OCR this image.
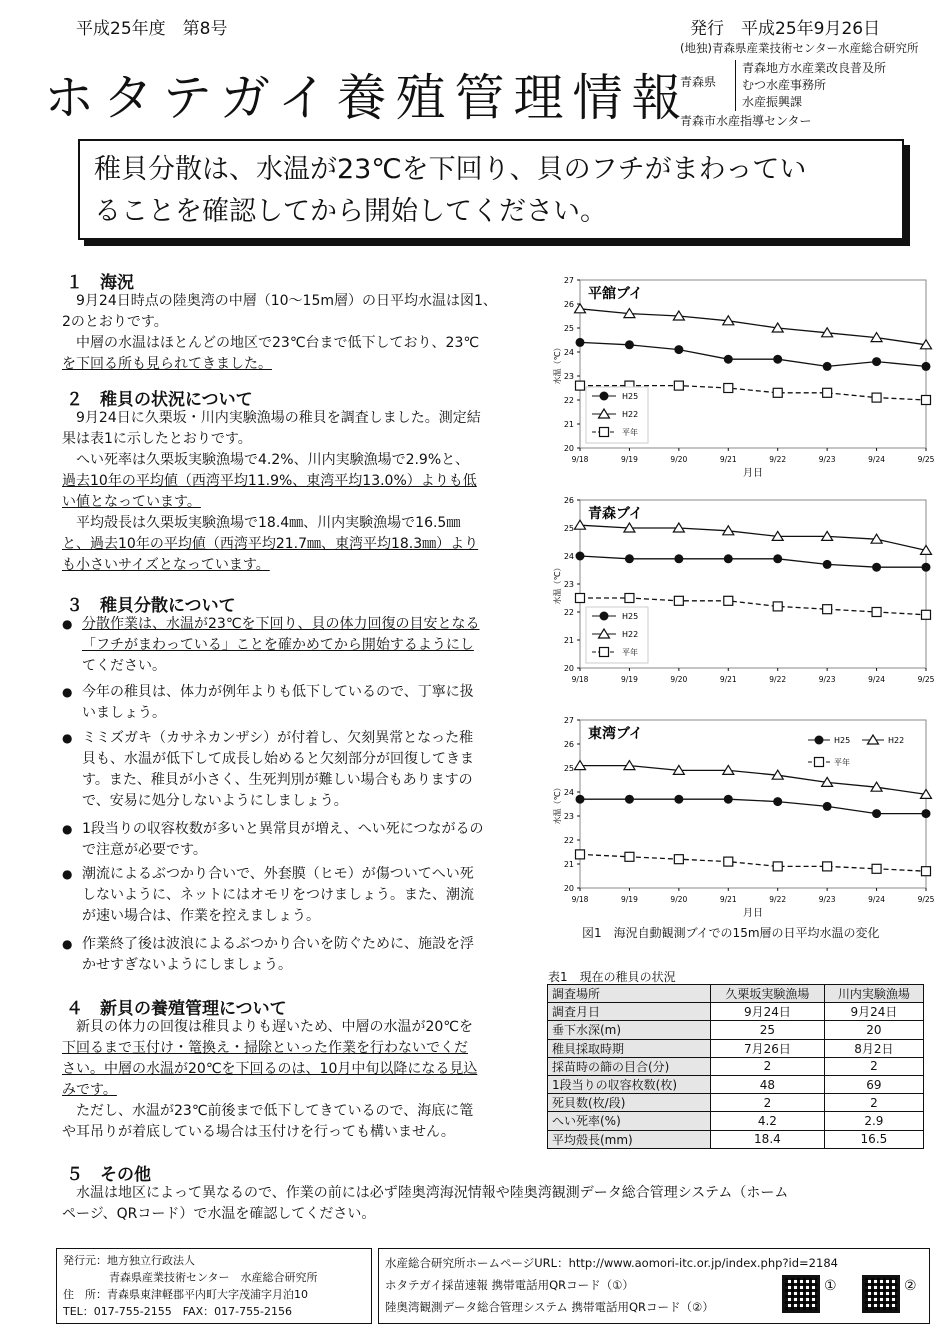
平成25年度　第8号	発行　平成25年9月26日
(地独)青森県産業技術センター水産総合研究所
ホタテガイ養殖管理情報
青森県
青森地方水産業改良普及所
むつ水産事務所
水産振興課
青森市水産指導センター
稚貝分散は、水温が23℃を下回り、貝のフチがまわってい
ることを確認してから開始してください。
１　海況
9月24日時点の陸奥湾の中層（10～15m層）の日平均水温は図1、
2のとおりです。
中層の水温はほとんどの地区で23℃台まで低下しており、23℃
を下回る所も見られてきました。
２　稚貝の状況について
9月24日に久栗坂・川内実験漁場の稚貝を調査しました。測定結
果は表1に示したとおりです。
へい死率は久栗坂実験漁場で4.2%、川内実験漁場で2.9%と、
過去10年の平均値（西湾平均11.9%、東湾平均13.0%）よりも低
い値となっています。
平均殻長は久栗坂実験漁場で18.4㎜、川内実験漁場で16.5㎜
と、過去10年の平均値（西湾平均21.7㎜、東湾平均18.3㎜）より
も小さいサイズとなっています。
３　稚貝分散について
● 分散作業は、水温が23℃を下回り、貝の体力回復の目安となる
「フチがまわっている」ことを確かめてから開始するようにし
てください。
● 今年の稚貝は、体力が例年よりも低下しているので、丁寧に扱
いましょう。
● ミミズガキ（カサネカンザシ）が付着し、欠刻異常となった稚
貝も、水温が低下して成長し始めると欠刻部分が回復してきま
す。また、稚貝が小さく、生死判別が難しい場合もありますの
で、安易に処分しないようにしましょう。
● 1段当りの収容枚数が多いと異常貝が増え、へい死につながるの
で注意が必要です。
● 潮流によるぶつかり合いで、外套膜（ヒモ）が傷ついてへい死
しないように、ネットにはオモリをつけましょう。また、潮流
が速い場合は、作業を控えましょう。
● 作業終了後は波浪によるぶつかり合いを防ぐために、施設を浮
かせすぎないようにしましょう。
４　新貝の養殖管理について
新貝の体力の回復は稚貝よりも遅いため、中層の水温が20℃を
下回るまで玉付け・篭換え・掃除といった作業を行わないでくだ
さい。中層の水温が20℃を下回るのは、10月中旬以降になる見込
みです。
ただし、水温が23℃前後まで低下してきているので、海底に篭
や耳吊りが着底している場合は玉付けを行っても構いません。
５　その他
水温は地区によって異なるので、作業の前には必ず陸奥湾海況情報や陸奥湾観測データ総合管理システム（ホーム
ページ、QRコード）で水温を確認してください。
20
21
22
23
24
25
26
27
9/18	9/19	9/20	9/21	9/22	9/23	9/24	9/25
月日
水温（℃）
平舘ブイ
H25
H22
平年
20
21
22
23
24
25
26
9/18	9/19	9/20	9/21	9/22	9/23	9/24	9/25
水温（℃）
青森ブイ
H25
H22
平年
20
21
22
23
24
25
26
27
9/18	9/19	9/20	9/21	9/22	9/23	9/24	9/25
月日
水温（℃）
東湾ブイ	H25	H22
平年
図1　海況自動観測ブイでの15m層の日平均水温の変化
表1　現在の稚貝の状況
調査場所	久栗坂実験漁場	川内実験漁場
調査月日	9月24日	9月24日
垂下水深(m)	25	20
稚貝採取時期	7月26日	8月2日
採苗時の篩の目合(分)	2	2
1段当りの収容枚数(枚)	48	69
死貝数(枚/段)	2	2
へい死率(%)	4.2	2.9
平均殻長(mm)	18.4	16.5
発行元：地方独立行政法人
青森県産業技術センター　水産総合研究所
住　所：青森県東津軽郡平内町大字茂浦字月泊10
TEL：017-755-2155　FAX：017-755-2156
水産総合研究所ホームページURL：http://www.aomori-itc.or.jp/index.php?id=2184
ホタテガイ採苗速報 携帯電話用QRコード（①）
陸奥湾観測データ総合管理システム 携帯電話用QRコード（②）
①	②
